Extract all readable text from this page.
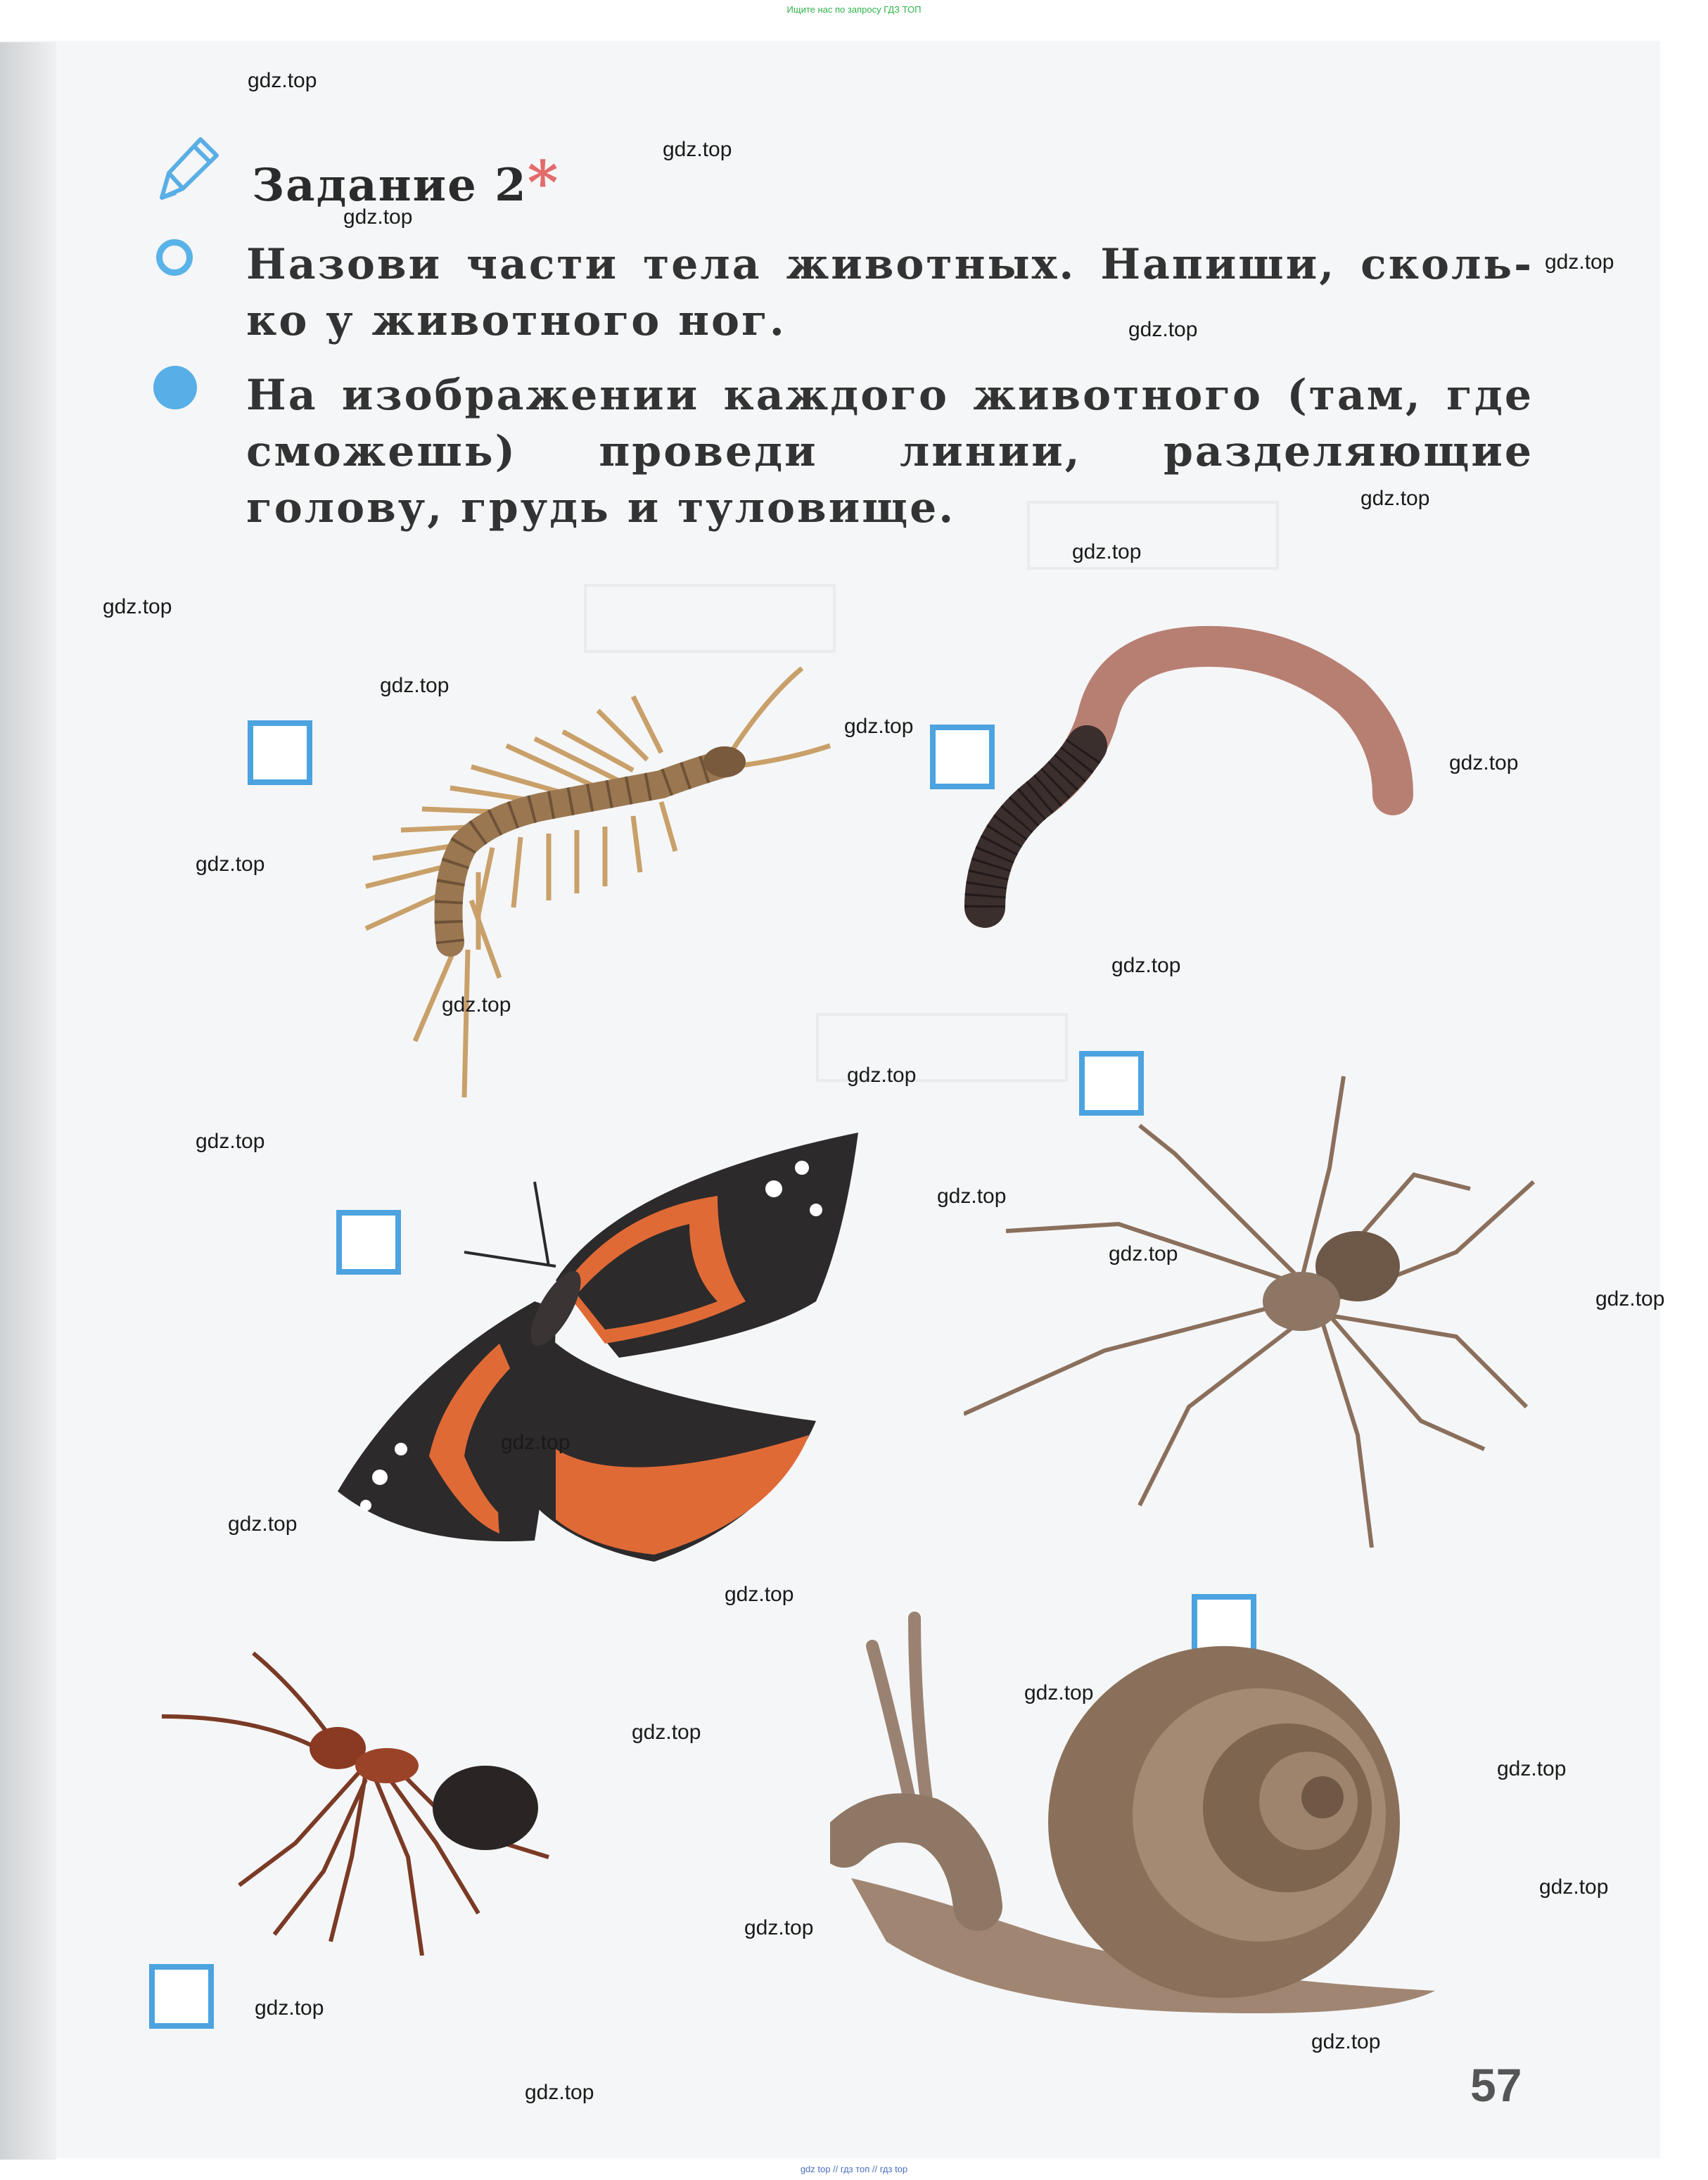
Ищите нас по запросу ГДЗ ТОП
gdz top // гдз топ // гдз top
Задание 2*
Назови части тела животных. Напиши, сколь- ко у животного ног.
На изображении каждого животного (там, где сможешь) проведи линии, разделяющие голову, грудь и туловище.
gdz.top
gdz.top
gdz.top
gdz.top
gdz.top
gdz.top
gdz.top
gdz.top
gdz.top
gdz.top
gdz.top
gdz.top
gdz.top
gdz.top
gdz.top
gdz.top
gdz.top
gdz.top
gdz.top
gdz.top
gdz.top
gdz.top
gdz.top
gdz.top
gdz.top
gdz.top
gdz.top
gdz.top
gdz.top
gdz.top	57
